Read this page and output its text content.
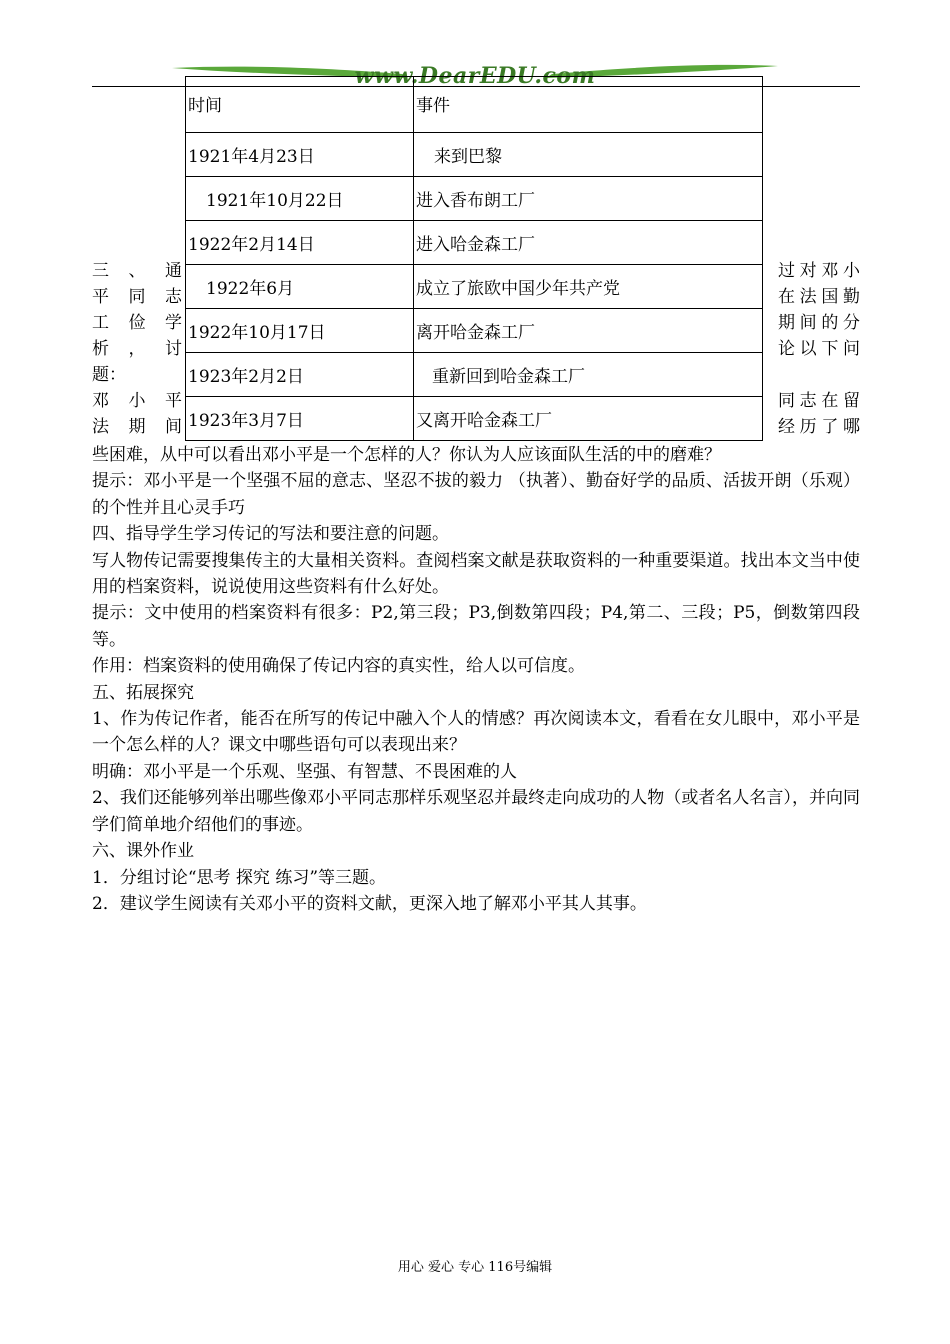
www.DearEDU.com
时间	事件
1921年4月23日	来到巴黎
1921年10月22日	进入香布朗工厂
1922年2月14日	进入哈金森工厂
1922年6月	成立了旅欧中国少年共产党
1922年10月17日	离开哈金森工厂
1923年2月2日	重新回到哈金森工厂
1923年3月7日	又离开哈金森工厂
三 、 通
平 同 志
工 俭 学
析 ， 讨
题：
邓 小 平
法 期 间
过对邓小
在法国勤
期间的分
论以下问
同志在留
经历了哪

些困难，从中可以看出邓小平是一个怎样的人？你认为人应该面队生活的中的磨难？

提示：邓小平是一个坚强不屈的意志、坚忍不拔的毅力 （执著）、勤奋好学的品质、活拔开朗（乐观）的个性并且心灵手巧

四、指导学生学习传记的写法和要注意的问题。

写人物传记需要搜集传主的大量相关资料。查阅档案文献是获取资料的一种重要渠道。找出本文当中使用的档案资料，说说使用这些资料有什么好处。

提示：文中使用的档案资料有很多：P2,第三段；P3,倒数第四段；P4,第二、三段；P5，倒数第四段等。

作用：档案资料的使用确保了传记内容的真实性，给人以可信度。

五、拓展探究

1、作为传记作者，能否在所写的传记中融入个人的情感？再次阅读本文，看看在女儿眼中，邓小平是一个怎么样的人？课文中哪些语句可以表现出来？

明确：邓小平是一个乐观、坚强、有智慧、不畏困难的人

2、我们还能够列举出哪些像邓小平同志那样乐观坚忍并最终走向成功的人物（或者名人名言），并向同学们简单地介绍他们的事迹。

六、课外作业

1．分组讨论“思考 探究 练习”等三题。

2．建议学生阅读有关邓小平的资料文献，更深入地了解邓小平其人其事。

用心 爱心 专心 116号编辑
